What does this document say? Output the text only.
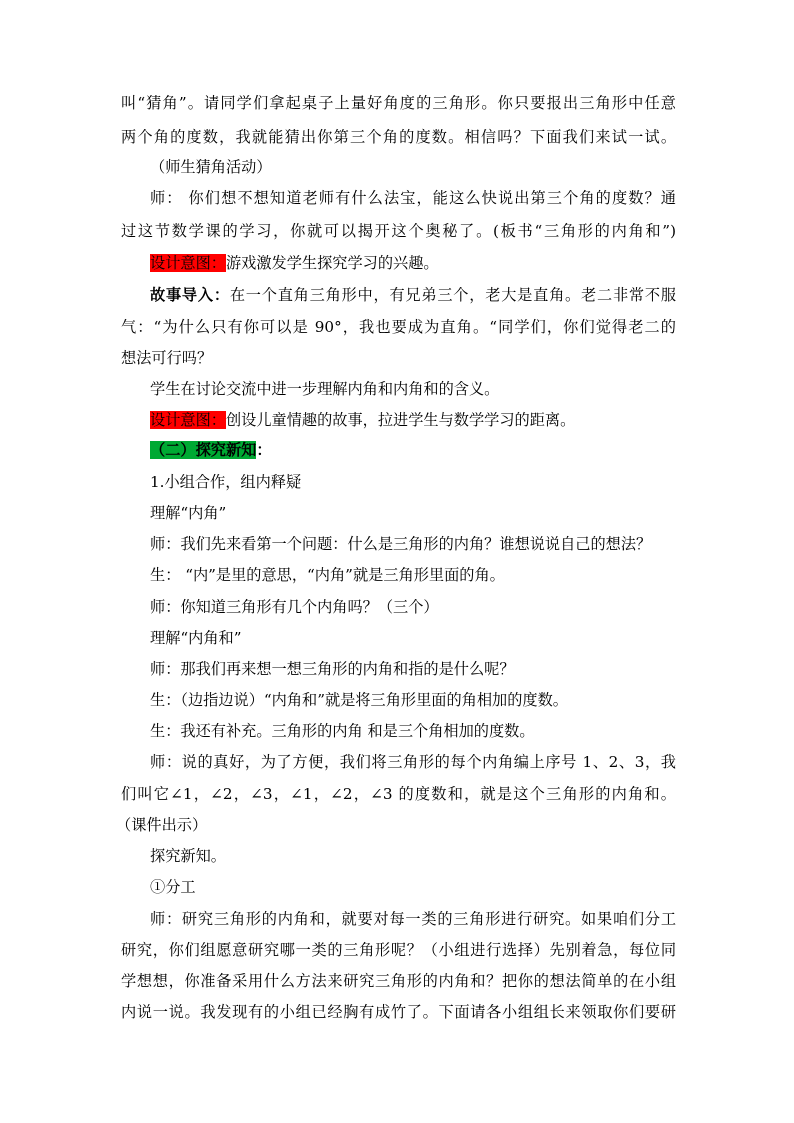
叫“猜角”。请同学们拿起桌子上量好角度的三角形。你只要报出三角形中任意
两个角的度数，我就能猜出你第三个角的度数。相信吗？下面我们来试一试。
（师生猜角活动）
师： 你们想不想知道老师有什么法宝，能这么快说出第三个角的度数？通
过这节数学课的学习，你就可以揭开这个奥秘了。(板书“三角形的内角和”)
设计意图：游戏激发学生探究学习的兴趣。
故事导入：在一个直角三角形中，有兄弟三个，老大是直角。老二非常不服
气：“为什么只有你可以是 90°，我也要成为直角。“同学们，你们觉得老二的
想法可行吗？
学生在讨论交流中进一步理解内角和内角和的含义。
设计意图：创设儿童情趣的故事，拉进学生与数学学习的距离。
（二）探究新知：
1.小组合作，组内释疑
理解“内角”
师：我们先来看第一个问题：什么是三角形的内角？谁想说说自己的想法？
生： “内”是里的意思，“内角”就是三角形里面的角。
师：你知道三角形有几个内角吗？（三个）
理解“内角和”
师：那我们再来想一想三角形的内角和指的是什么呢？
生：（边指边说）“内角和”就是将三角形里面的角相加的度数。
生：我还有补充。三角形的内角 和是三个角相加的度数。
师：说的真好，为了方便，我们将三角形的每个内角编上序号 1、2、3，我
们叫它∠1，∠2，∠3，∠1，∠2，∠3 的度数和，就是这个三角形的内角和。
（课件出示）
探究新知。
①分工
师：研究三角形的内角和，就要对每一类的三角形进行研究。如果咱们分工
研究，你们组愿意研究哪一类的三角形呢？（小组进行选择）先别着急，每位同
学想想，你准备采用什么方法来研究三角形的内角和？把你的想法简单的在小组
内说一说。我发现有的小组已经胸有成竹了。下面请各小组组长来领取你们要研
